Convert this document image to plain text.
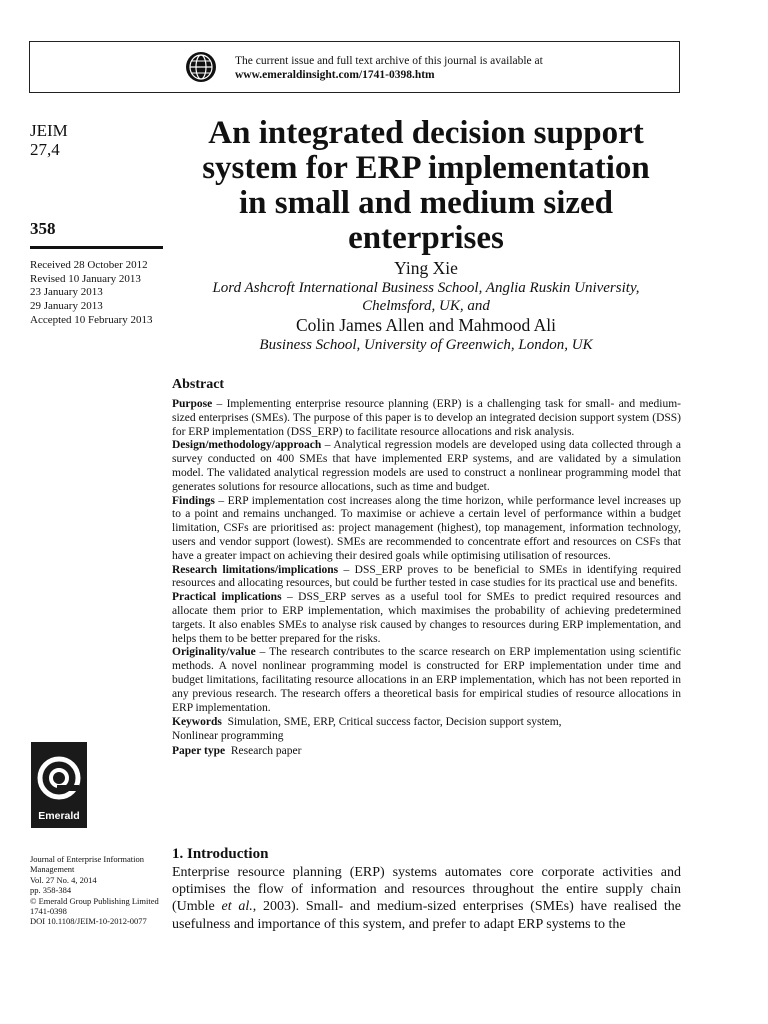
The current issue and full text archive of this journal is available at
www.emeraldinsight.com/1741-0398.htm
JEIM
27,4
358
Received 28 October 2012
Revised 10 January 2013
23 January 2013
29 January 2013
Accepted 10 February 2013
An integrated decision support
system for ERP implementation
in small and medium sized
enterprises
Ying Xie
Lord Ashcroft International Business School, Anglia Ruskin University,
Chelmsford, UK, and
Colin James Allen and Mahmood Ali
Business School, University of Greenwich, London, UK
Abstract

Purpose – Implementing enterprise resource planning (ERP) is a challenging task for small- and medium-sized enterprises (SMEs). The purpose of this paper is to develop an integrated decision support system (DSS) for ERP implementation (DSS_ERP) to facilitate resource allocations and risk analysis.

Design/methodology/approach – Analytical regression models are developed using data collected through a survey conducted on 400 SMEs that have implemented ERP systems, and are validated by a simulation model. The validated analytical regression models are used to construct a nonlinear programming model that generates solutions for resource allocations, such as time and budget.

Findings – ERP implementation cost increases along the time horizon, while performance level increases up to a point and remains unchanged. To maximise or achieve a certain level of performance within a budget limitation, CSFs are prioritised as: project management (highest), top management, information technology, users and vendor support (lowest). SMEs are recommended to concentrate effort and resources on CSFs that have a greater impact on achieving their desired goals while optimising utilisation of resources.

Research limitations/implications – DSS_ERP proves to be beneficial to SMEs in identifying required resources and allocating resources, but could be further tested in case studies for its practical use and benefits.

Practical implications – DSS_ERP serves as a useful tool for SMEs to predict required resources and allocate them prior to ERP implementation, which maximises the probability of achieving predetermined targets. It also enables SMEs to analyse risk caused by changes to resources during ERP implementation, and helps them to be better prepared for the risks.

Originality/value – The research contributes to the scarce research on ERP implementation using scientific methods. A novel nonlinear programming model is constructed for ERP implementation under time and budget limitations, facilitating resource allocations in an ERP implementation, which has not been reported in any previous research. The research offers a theoretical basis for empirical studies of resource allocations in ERP implementation.

Keywords Simulation, SME, ERP, Critical success factor, Decision support system,
Nonlinear programming

Paper type Research paper

Emerald
Journal of Enterprise Information
Management
Vol. 27 No. 4, 2014
pp. 358-384
© Emerald Group Publishing Limited
1741-0398
DOI 10.1108/JEIM-10-2012-0077
1. Introduction

Enterprise resource planning (ERP) systems automates core corporate activities and optimises the flow of information and resources throughout the entire supply chain (Umble et al., 2003). Small- and medium-sized enterprises (SMEs) have realised the usefulness and importance of this system, and prefer to adapt ERP systems to the
